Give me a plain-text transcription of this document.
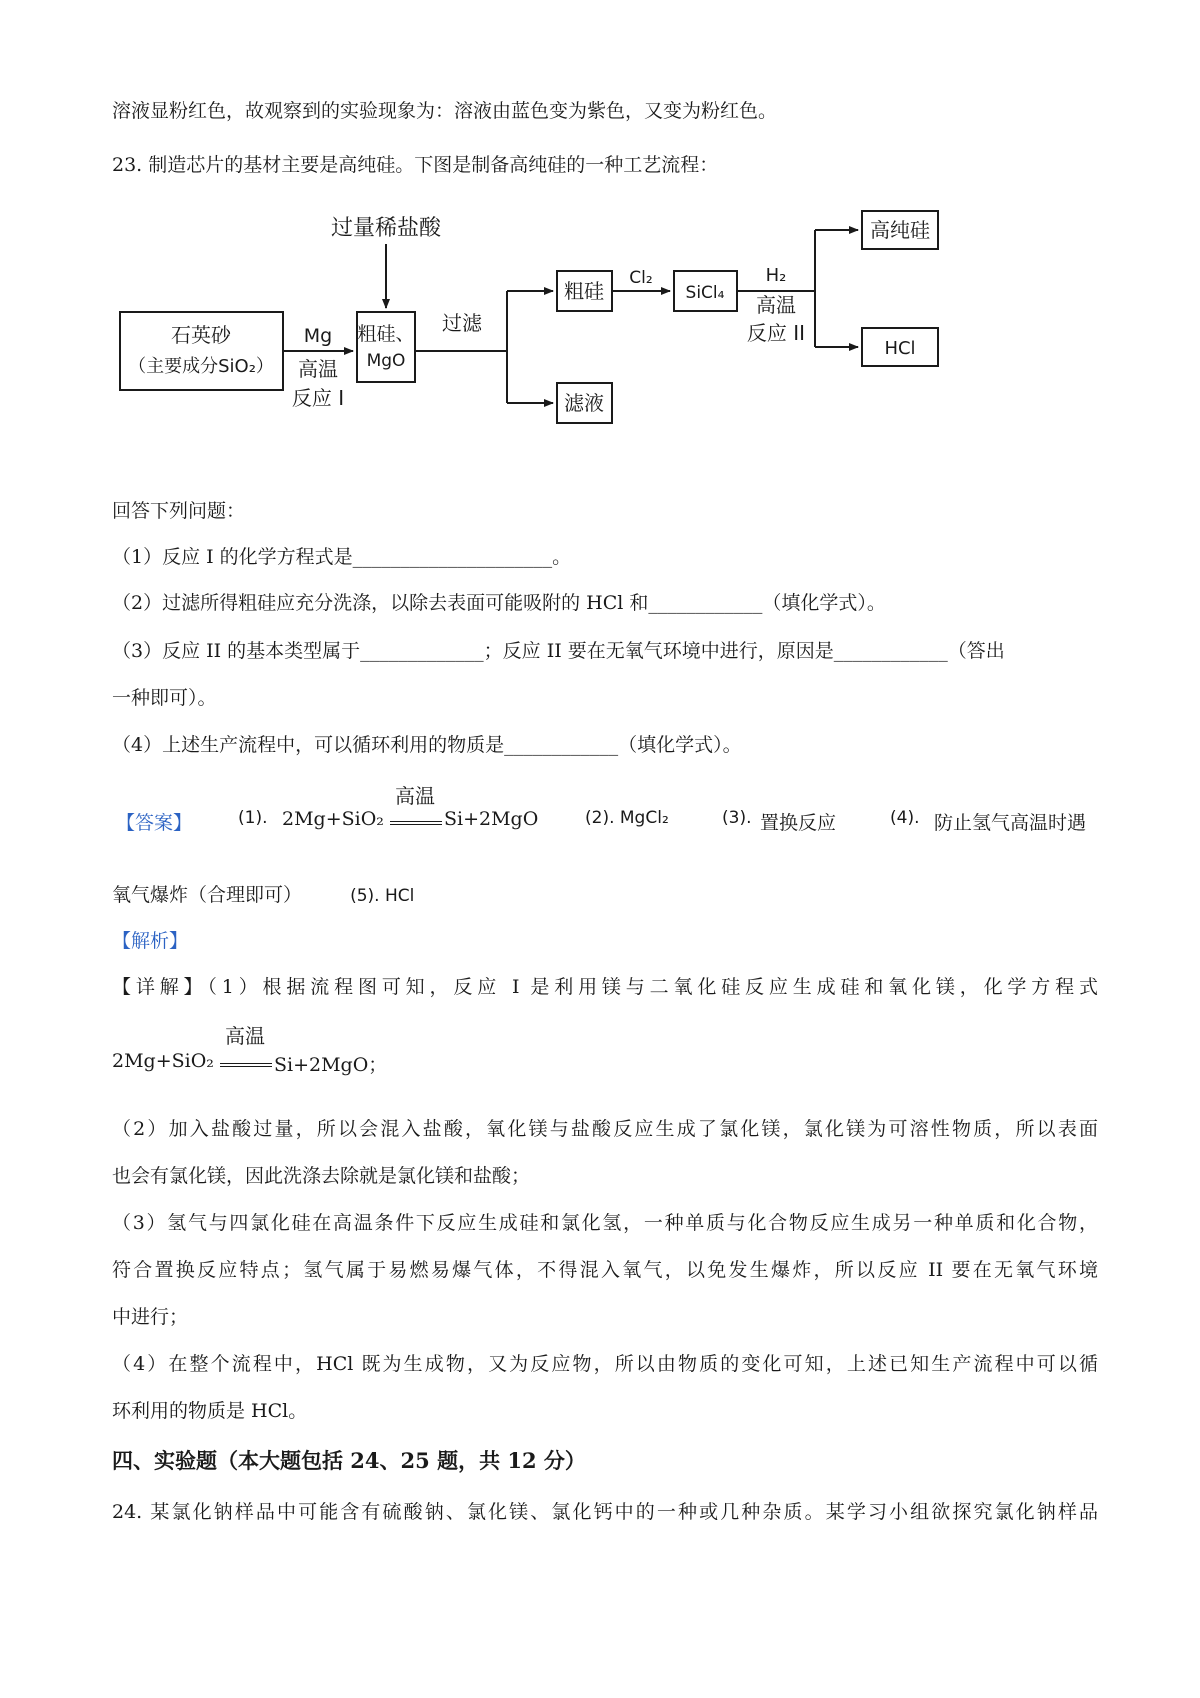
溶液显粉红色，故观察到的实验现象为：溶液由蓝色变为紫色，又变为粉红色。
23. 制造芯片的基材主要是高纯硅。下图是制备高纯硅的一种工艺流程：
过量稀盐酸
石英砂
（主要成分SiO₂）
Mg
高温
反应 I
粗硅、
MgO
过滤
粗硅
滤液
Cl₂
SiCl₄
H₂
高温
反应 II
高纯硅
HCl
回答下列问题：
（1）反应 I 的化学方程式是_____________________。
（2）过滤所得粗硅应充分洗涤，以除去表面可能吸附的 HCl 和____________（填化学式）。
（3）反应 II 的基本类型属于_____________；反应 II 要在无氧气环境中进行，原因是____________（答出
一种即可）。
（4）上述生产流程中，可以循环利用的物质是____________（填化学式）。
【答案】	(1).	(2). MgCl₂	(3). 置换反应	(4). 防止氢气高温时遇
2Mg+SiO₂
高温
Si+2MgO
氧气爆炸（合理即可）	(5). HCl
【解析】
【详解】（1）根据流程图可知，反应 I 是利用镁与二氧化硅反应生成硅和氧化镁，化学方程式
2Mg+SiO₂
高温
Si+2MgO；
（2）加入盐酸过量，所以会混入盐酸，氧化镁与盐酸反应生成了氯化镁，氯化镁为可溶性物质，所以表面
也会有氯化镁，因此洗涤去除就是氯化镁和盐酸；
（3）氢气与四氯化硅在高温条件下反应生成硅和氯化氢，一种单质与化合物反应生成另一种单质和化合物，
符合置换反应特点；氢气属于易燃易爆气体，不得混入氧气，以免发生爆炸，所以反应 II 要在无氧气环境
中进行；
（4）在整个流程中，HCl 既为生成物，又为反应物，所以由物质的变化可知，上述已知生产流程中可以循
环利用的物质是 HCl。
四、实验题（本大题包括 24、25 题，共 12 分）
24. 某氯化钠样品中可能含有硫酸钠、氯化镁、氯化钙中的一种或几种杂质。某学习小组欲探究氯化钠样品
